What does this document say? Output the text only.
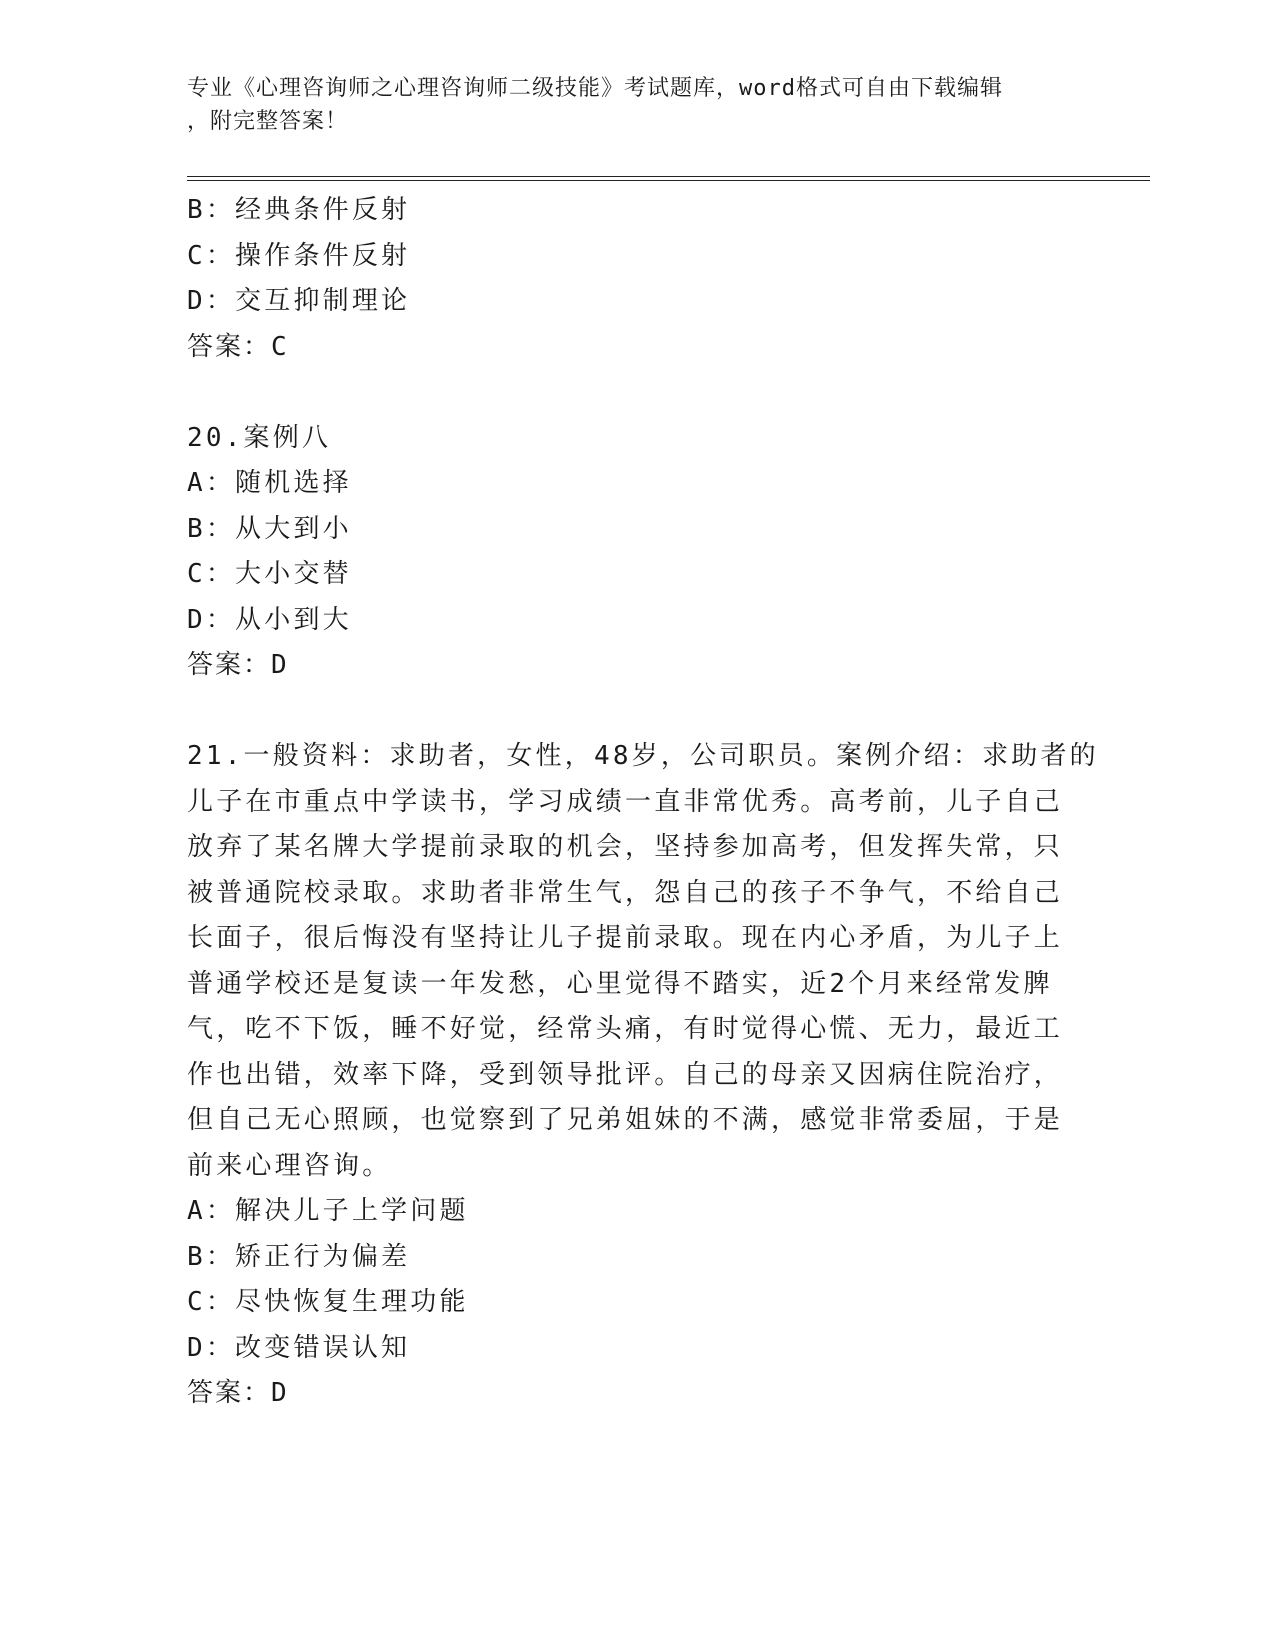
专业《心理咨询师之心理咨询师二级技能》考试题库，word格式可自由下载编辑
，附完整答案！
B：经典条件反射
C：操作条件反射
D：交互抑制理论
答案：C
20.案例八
A：随机选择
B：从大到小
C：大小交替
D：从小到大
答案：D
21.一般资料：求助者，女性，48岁，公司职员。案例介绍：求助者的
儿子在市重点中学读书，学习成绩一直非常优秀。高考前，儿子自己
放弃了某名牌大学提前录取的机会，坚持参加高考，但发挥失常，只
被普通院校录取。求助者非常生气，怨自己的孩子不争气，不给自己
长面子，很后悔没有坚持让儿子提前录取。现在内心矛盾，为儿子上
普通学校还是复读一年发愁，心里觉得不踏实，近2个月来经常发脾
气，吃不下饭，睡不好觉，经常头痛，有时觉得心慌、无力，最近工
作也出错，效率下降，受到领导批评。自己的母亲又因病住院治疗，
但自己无心照顾，也觉察到了兄弟姐妹的不满，感觉非常委屈，于是
前来心理咨询。
A：解决儿子上学问题
B：矫正行为偏差
C：尽快恢复生理功能
D：改变错误认知
答案：D
